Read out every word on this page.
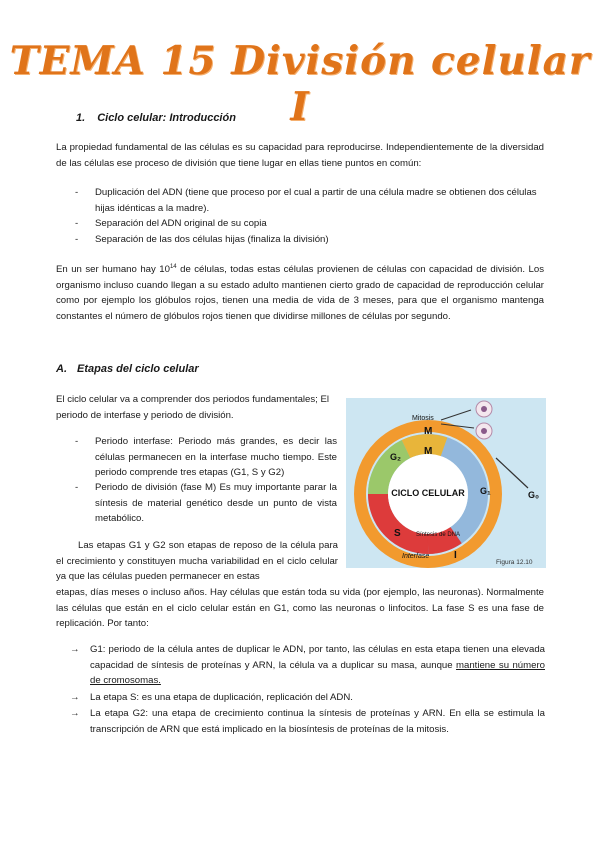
TEMA 15 División celular I
1. Ciclo celular: Introducción
La propiedad fundamental de las células es su capacidad para reproducirse. Independientemente de la diversidad de las células ese proceso de división que tiene lugar en ellas tiene puntos en común:
- Duplicación del ADN (tiene que proceso por el cual a partir de una célula madre se obtienen dos células hijas idénticas a la madre).
- Separación del ADN original de su copia
- Separación de las dos células hijas (finaliza la división)
En un ser humano hay $10^{14}$ de células, todas estas células provienen de células con capacidad de división. Los organismo incluso cuando llegan a su estado adulto mantienen cierto grado de capacidad de reproducción celular como por ejemplo los glóbulos rojos, tienen una media de vida de 3 meses, para que el organismo mantenga constantes el número de glóbulos rojos tienen que dividirse millones de células por segundo.
A. Etapas del ciclo celular
El ciclo celular va a comprender dos periodos fundamentales; El periodo de interfase y periodo de división.
- Periodo interfase: Periodo más grandes, es decir las células permanecen en la interfase mucho tiempo. Este periodo comprende tres etapas (G1, S y G2)
- Periodo de división (fase M) Es muy importante parar la síntesis de material genético desde un punto de vista metabólico.
Las etapas G1 y G2 son etapas de reposo de la célula para el crecimiento y constituyen mucha variabilidad en el ciclo celular ya que las células pueden permanecer en estas
etapas, días meses o incluso años. Hay células que están toda su vida (por ejemplo, las neuronas). Normalmente las células que están en el ciclo celular están en G1, como las neuronas o linfocitos. La fase S es una fase de replicación. Por tanto:
→ G1: periodo de la célula antes de duplicar le ADN, por tanto, las células en esta etapa tienen una elevada capacidad de síntesis de proteínas y ARN, la célula va a duplicar su masa, aunque mantiene su número de cromosomas.
→ La etapa S: es una etapa de duplicación, replicación del ADN.
→ La etapa G2: una etapa de crecimiento continua la síntesis de proteínas y ARN. En ella se estimula la transcripción de ARN que está implicado en la biosíntesis de proteínas de la mitosis.
CICLO CELULAR
M
M
G₂
G₁	G₀
S
I
Mitosis
Síntesis de DNA
Interfase
Figura 12.10
